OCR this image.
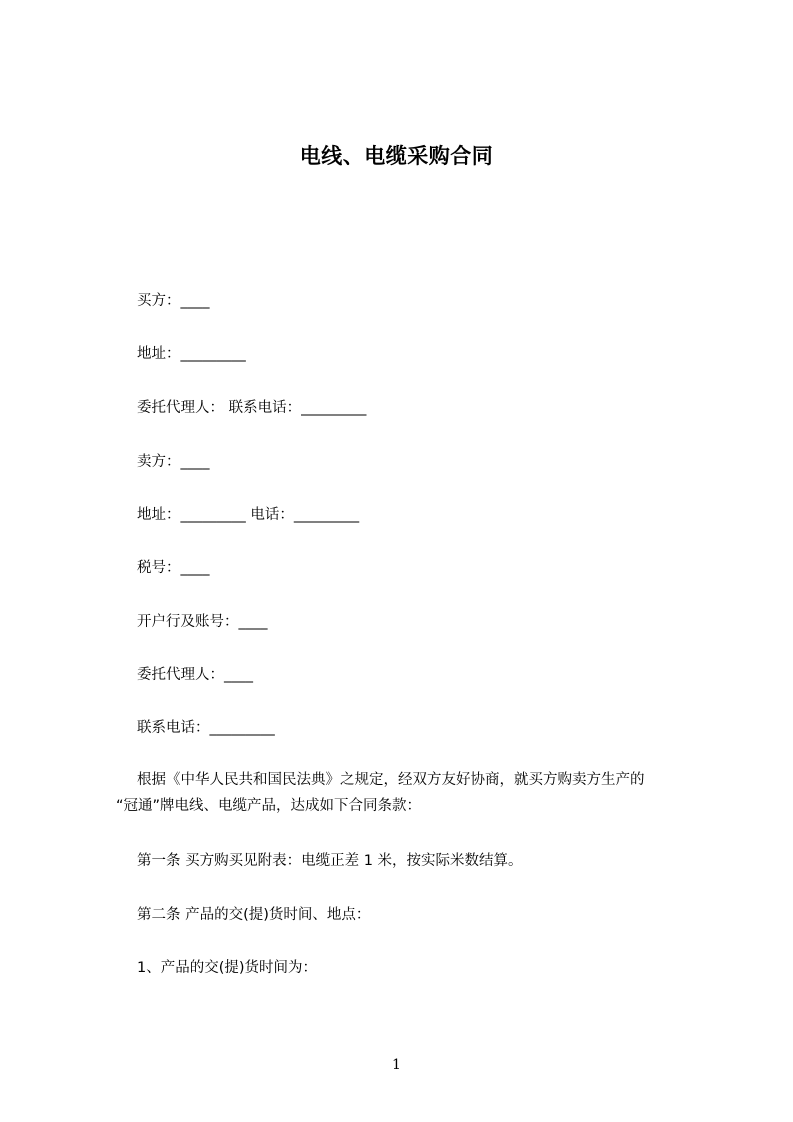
电线、电缆采购合同
买方：____
地址：_________
委托代理人： 联系电话：_________
卖方：____
地址：_________ 电话：_________
税号：____
开户行及账号：____
委托代理人：____
联系电话：_________
根据《中华人民共和国民法典》之规定，经双方友好协商，就买方购卖方生产的
“冠通”牌电线、电缆产品，达成如下合同条款：
第一条 买方购买见附表：电缆正差 1 米，按实际米数结算。
第二条 产品的交(提)货时间、地点：
1、产品的交(提)货时间为：
1
